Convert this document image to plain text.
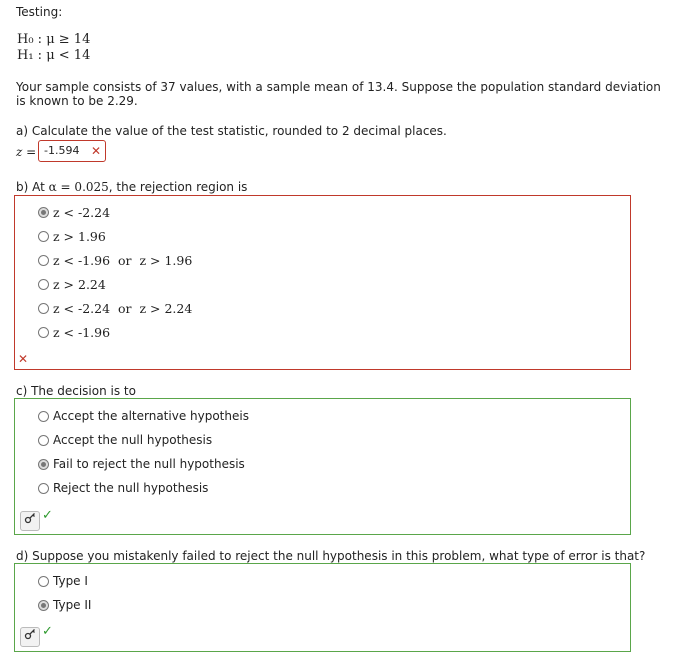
Testing:
H₀ : μ ≥ 14
H₁ : μ < 14
Your sample consists of 37 values, with a sample mean of 13.4. Suppose the population standard deviation
is known to be 2.29.
a) Calculate the value of the test statistic, rounded to 2 decimal places.
z = -1.594 ✕
b) At α = 0.025, the rejection region is
z < -2.24
z > 1.96
z < -1.96  or  z > 1.96
z > 2.24
z < -2.24  or  z > 2.24
z < -1.96
✕
c) The decision is to
Accept the alternative hypotheis
Accept the null hypothesis
Fail to reject the null hypothesis
Reject the null hypothesis
✓
d) Suppose you mistakenly failed to reject the null hypothesis in this problem, what type of error is that?
Type I
Type II
✓
